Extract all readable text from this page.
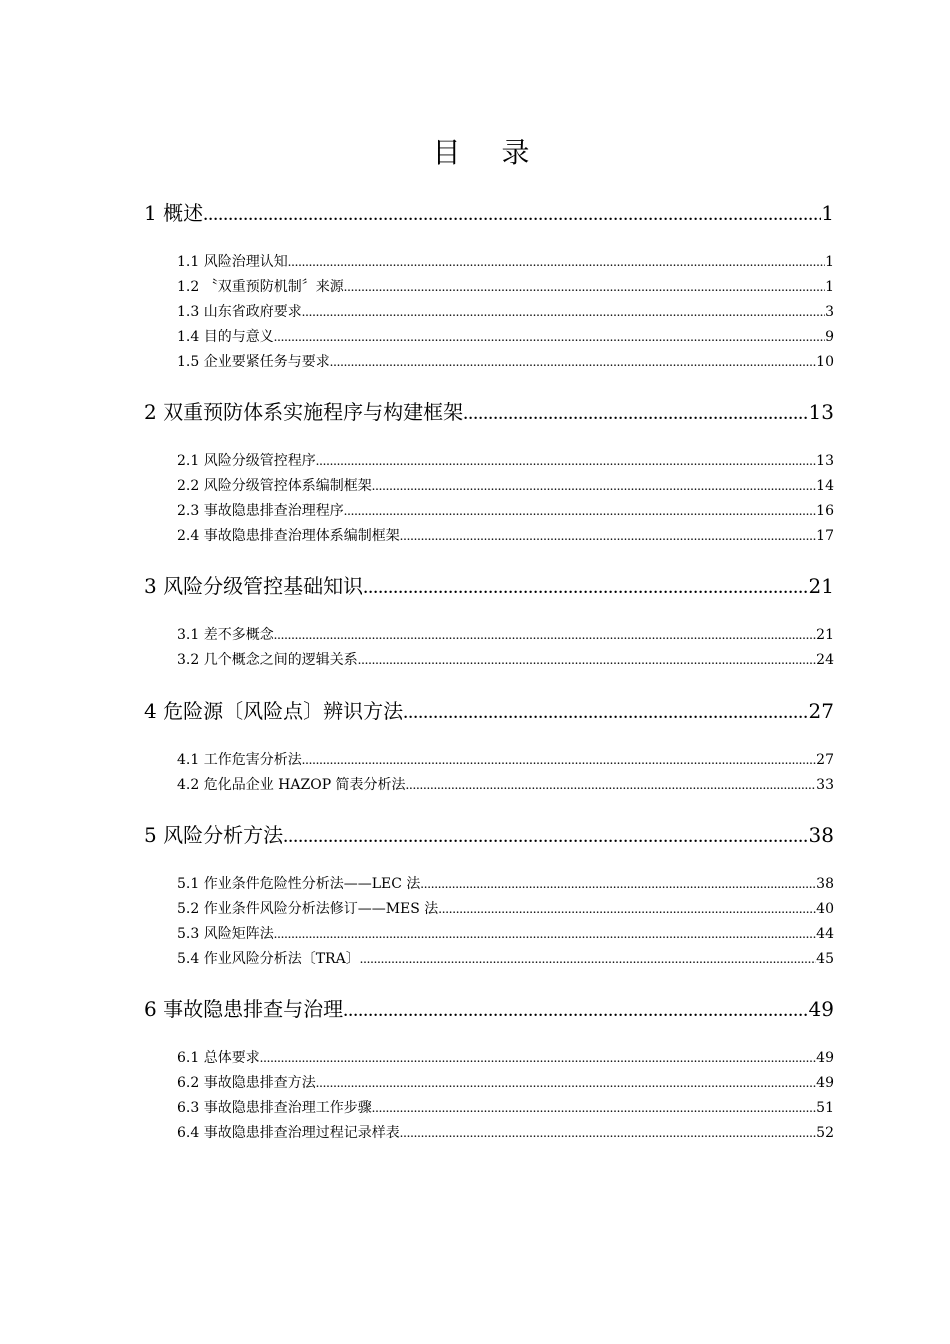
目 录
1 概述 .....	1
1.1 风险治理认知 .....	1
1.2 〝双重预防机制〞来源 .....	1
1.3 山东省政府要求 .....	3
1.4 目的与意义 .....	9
1.5 企业要紧任务与要求 .....	10
2 双重预防体系实施程序与构建框架 .....	13
2.1 风险分级管控程序 .....	13
2.2 风险分级管控体系编制框架 .....	14
2.3 事故隐患排查治理程序 .....	16
2.4 事故隐患排查治理体系编制框架 .....	17
3 风险分级管控基础知识 .....	21
3.1 差不多概念 .....	21
3.2 几个概念之间的逻辑关系 .....	24
4 危险源〔风险点〕辨识方法 .....	27
4.1 工作危害分析法 .....	27
4.2 危化品企业 HAZOP 简表分析法 .....	33
5 风险分析方法 .....	38
5.1 作业条件危险性分析法——LEC 法 .....	38
5.2 作业条件风险分析法修订——MES 法 .....	40
5.3 风险矩阵法 .....	44
5.4 作业风险分析法〔TRA〕 .....	45
6 事故隐患排查与治理 .....	49
6.1 总体要求 .....	49
6.2 事故隐患排查方法 .....	49
6.3 事故隐患排查治理工作步骤 .....	51
6.4 事故隐患排查治理过程记录样表 .....	52
